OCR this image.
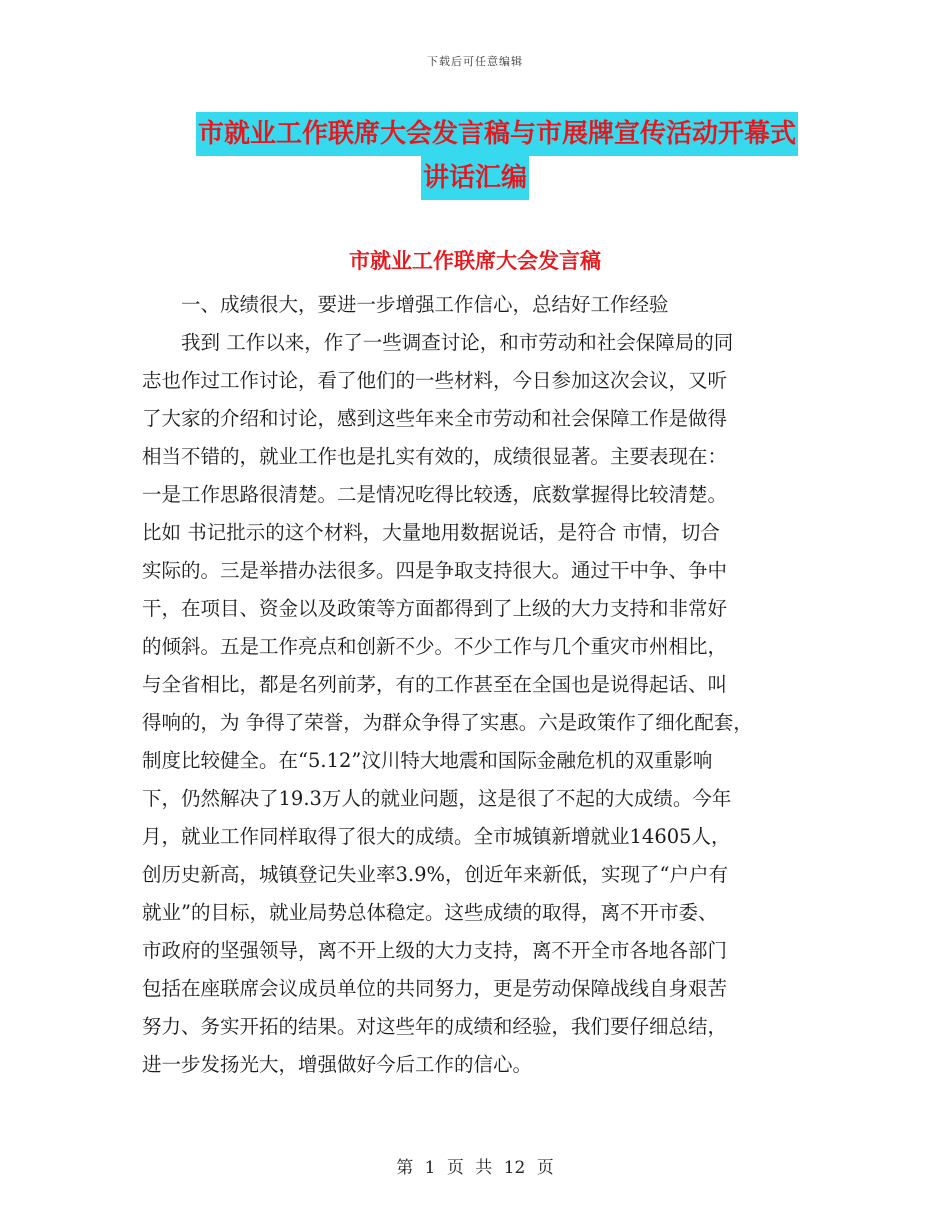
下载后可任意编辑
市就业工作联席大会发言稿与市展牌宣传活动开幕式
讲话汇编
市就业工作联席大会发言稿
　　一、成绩很大，要进一步增强工作信心，总结好工作经验
　　我到 工作以来，作了一些调查讨论，和市劳动和社会保障局的同
志也作过工作讨论，看了他们的一些材料，今日参加这次会议，又听
了大家的介绍和讨论，感到这些年来全市劳动和社会保障工作是做得
相当不错的，就业工作也是扎实有效的，成绩很显著。主要表现在：
一是工作思路很清楚。二是情况吃得比较透，底数掌握得比较清楚。
比如 书记批示的这个材料，大量地用数据说话，是符合 市情，切合
实际的。三是举措办法很多。四是争取支持很大。通过干中争、争中
干，在项目、资金以及政策等方面都得到了上级的大力支持和非常好
的倾斜。五是工作亮点和创新不少。不少工作与几个重灾市州相比，
与全省相比，都是名列前茅，有的工作甚至在全国也是说得起话、叫
得响的，为 争得了荣誉，为群众争得了实惠。六是政策作了细化配套，
制度比较健全。在“5.12”汶川特大地震和国际金融危机的双重影响
下，仍然解决了19.3万人的就业问题，这是很了不起的大成绩。今年
月，就业工作同样取得了很大的成绩。全市城镇新增就业14605人，
创历史新高，城镇登记失业率3.9%，创近年来新低，实现了“户户有
就业”的目标，就业局势总体稳定。这些成绩的取得，离不开市委、
市政府的坚强领导，离不开上级的大力支持，离不开全市各地各部门
包括在座联席会议成员单位的共同努力，更是劳动保障战线自身艰苦
努力、务实开拓的结果。对这些年的成绩和经验，我们要仔细总结，
进一步发扬光大，增强做好今后工作的信心。
第 1 页 共 12 页
